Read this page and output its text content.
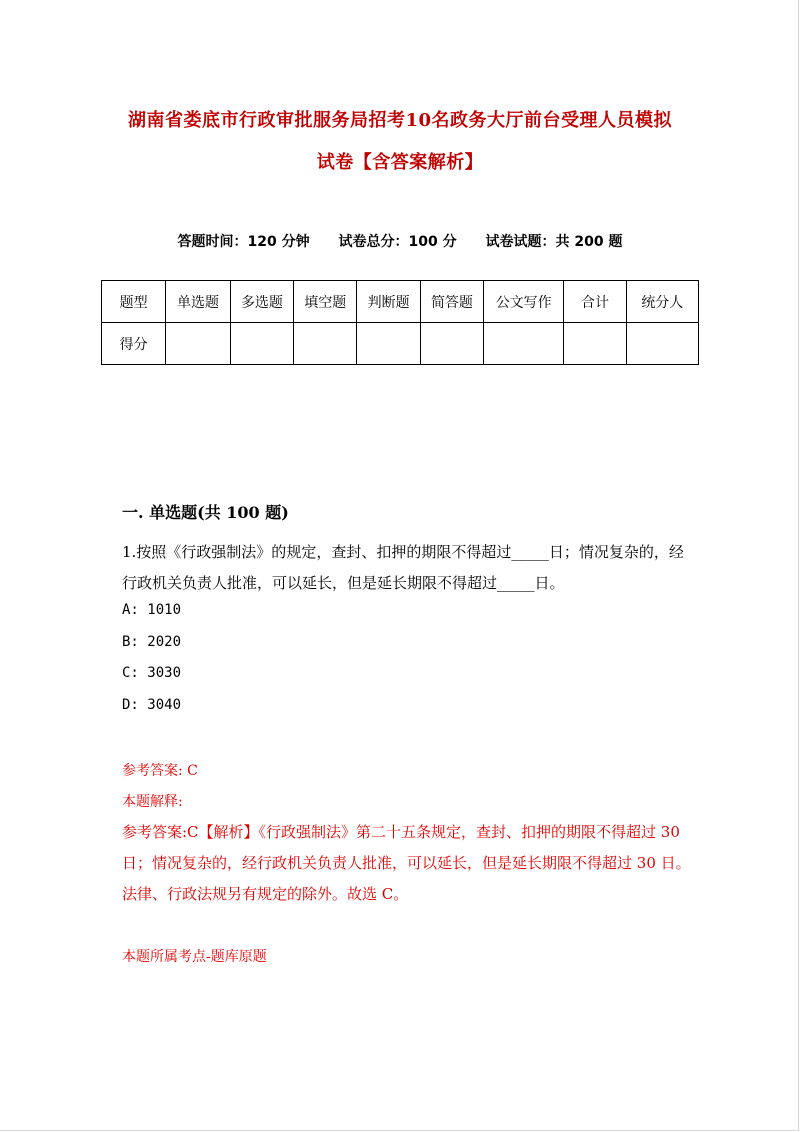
湖南省娄底市行政审批服务局招考10名政务大厅前台受理人员模拟
试卷【含答案解析】
答题时间：120 分钟 试卷总分：100 分 试卷试题：共 200 题
题型	单选题	多选题	填空题	判断题	简答题	公文写作	合计	统分人
得分								
一. 单选题(共 100 题)
1.按照《行政强制法》的规定，查封、扣押的期限不得超过_____日；情况复杂的，经行政机关负责人批准，可以延长，但是延长期限不得超过_____日。
A: 1010
B: 2020
C: 3030
D: 3040
参考答案: C
本题解释:
参考答案:C【解析】《行政强制法》第二十五条规定，查封、扣押的期限不得超过 30 日；情况复杂的，经行政机关负责人批准，可以延长，但是延长期限不得超过 30 日。法律、行政法规另有规定的除外。故选 C。
本题所属考点-题库原题
